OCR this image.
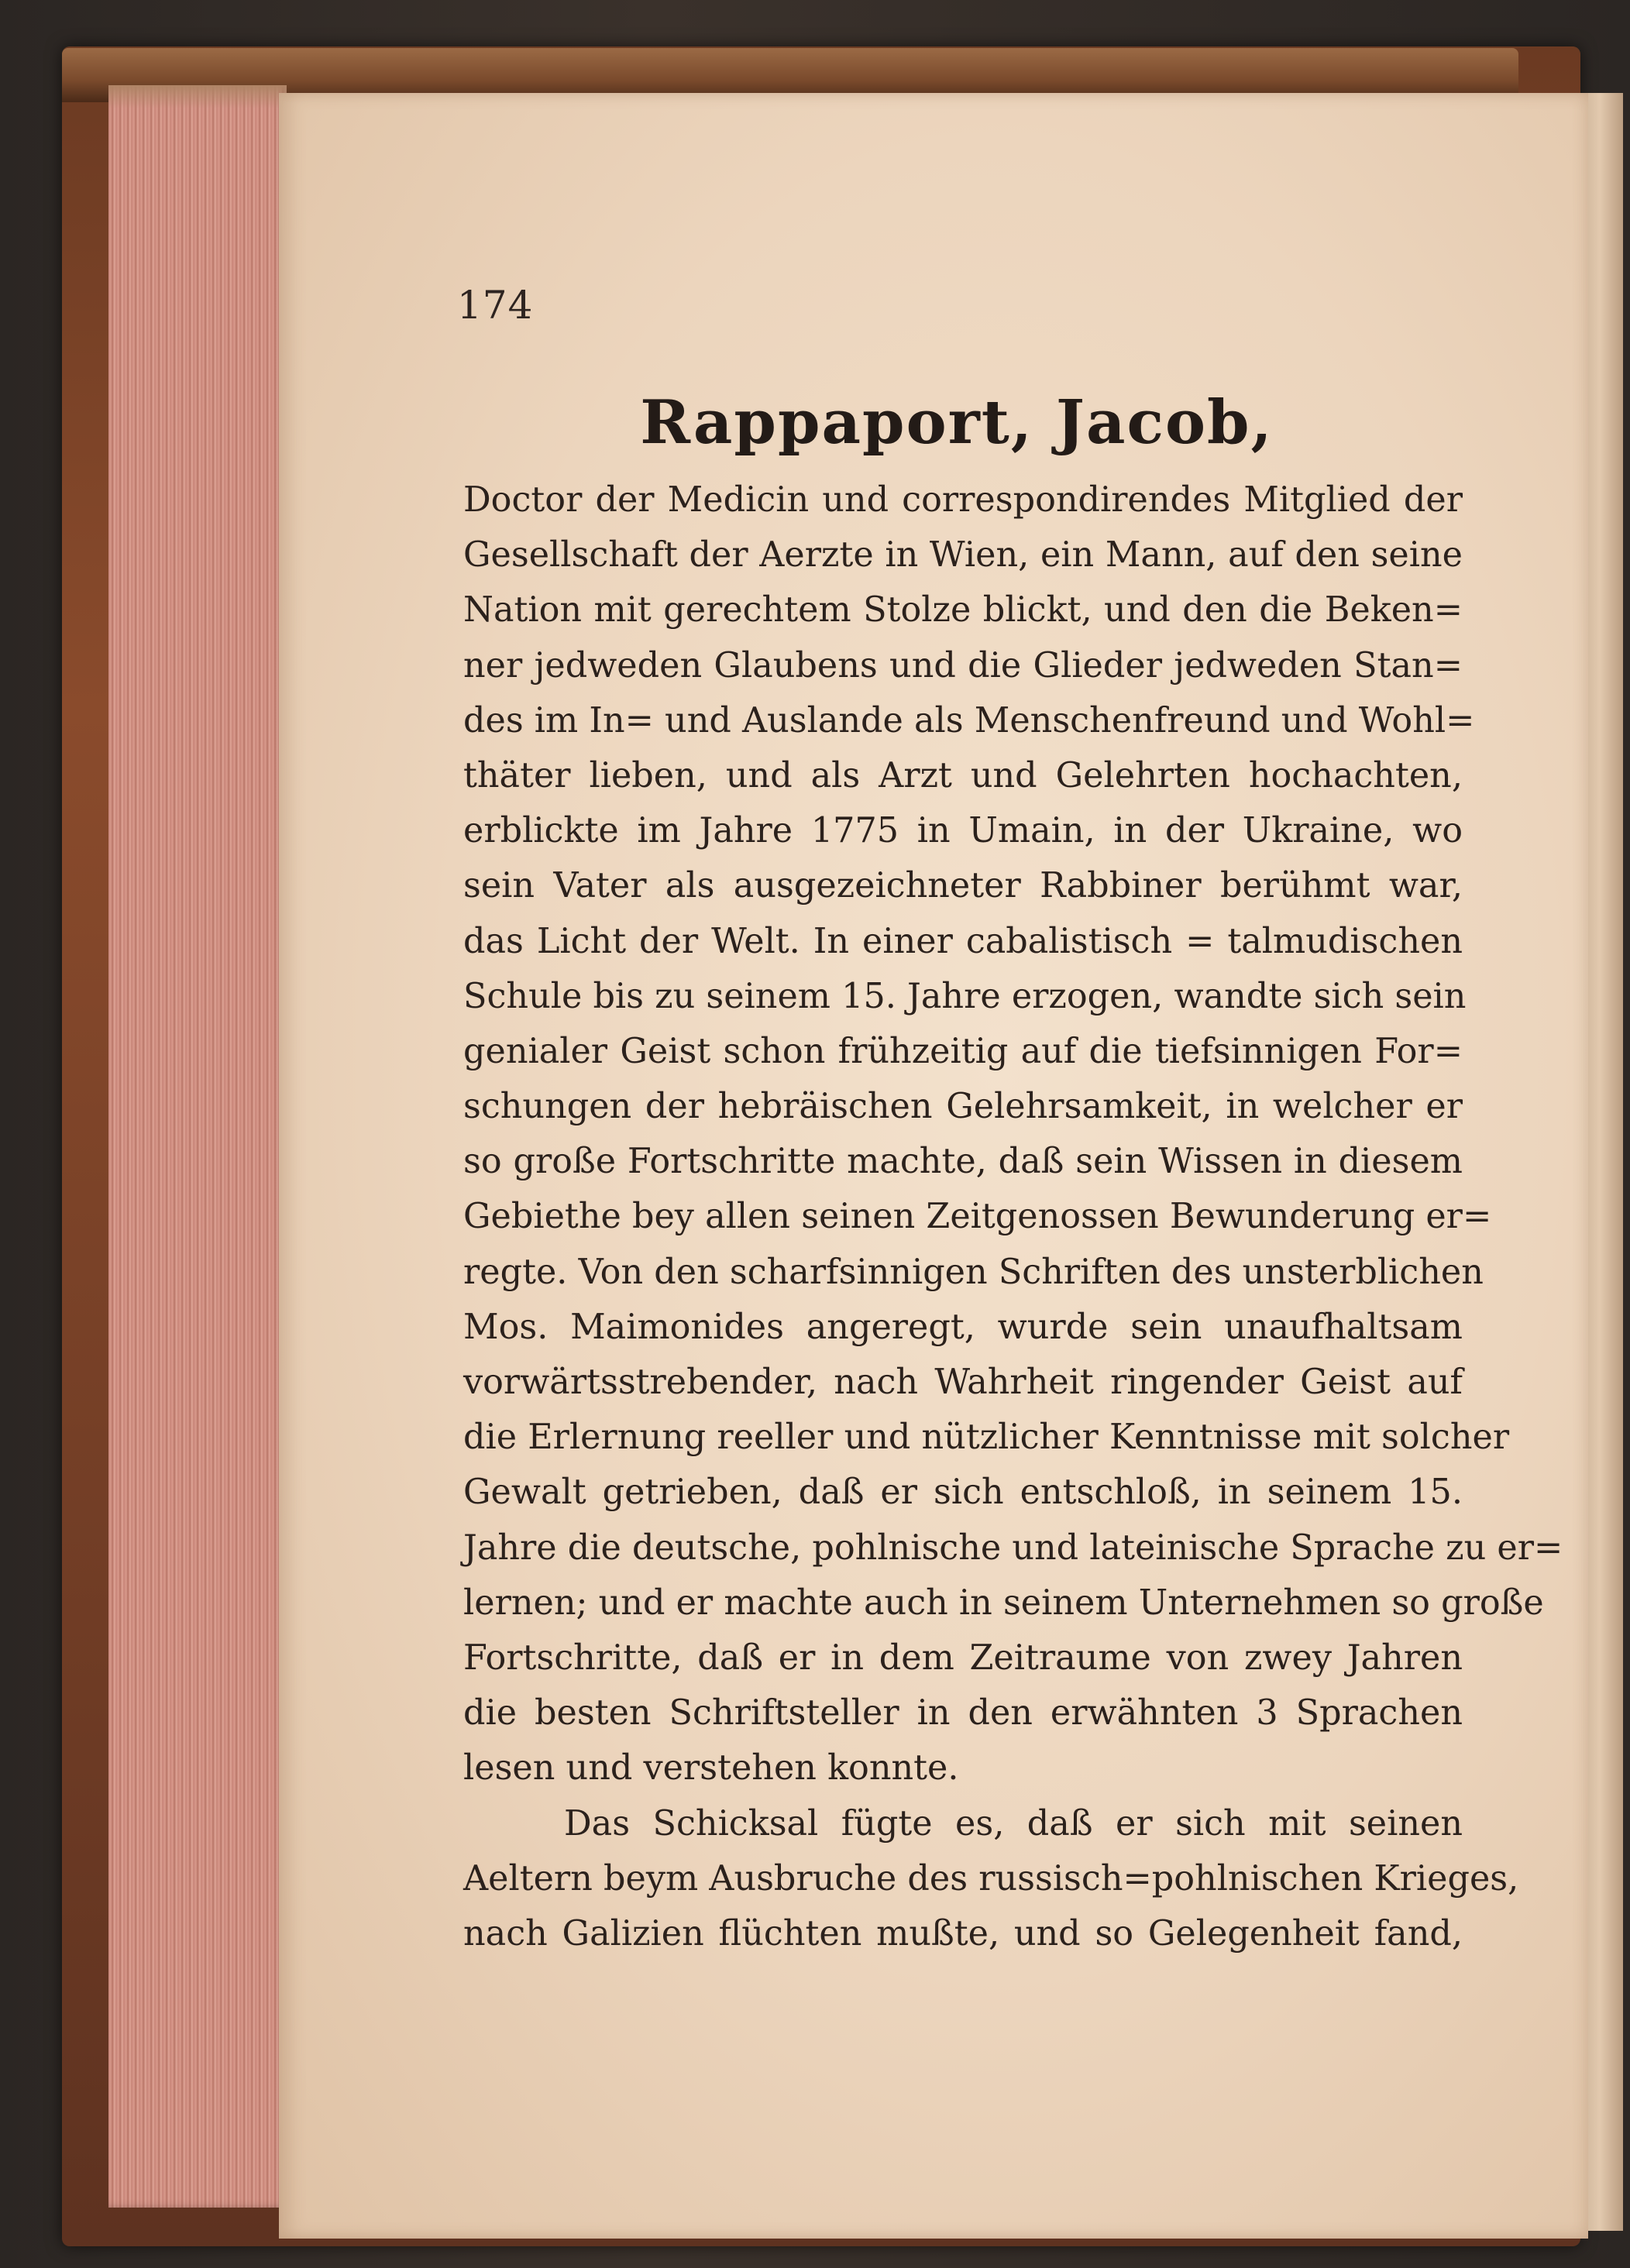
174
Rappaport, Jacob,
Doctor der Medicin und correspondirendes Mitglied der
Gesellschaft der Aerzte in Wien, ein Mann, auf den seine
Nation mit gerechtem Stolze blickt, und den die Beken=
ner jedweden Glaubens und die Glieder jedweden Stan=
des im In= und Auslande als Menschenfreund und Wohl=
thäter lieben, und als Arzt und Gelehrten hochachten,
erblickte im Jahre 1775 in Umain, in der Ukraine, wo
sein Vater als ausgezeichneter Rabbiner berühmt war,
das Licht der Welt. In einer cabalistisch = talmudischen
Schule bis zu seinem 15. Jahre erzogen, wandte sich sein
genialer Geist schon frühzeitig auf die tiefsinnigen For=
schungen der hebräischen Gelehrsamkeit, in welcher er
so große Fortschritte machte, daß sein Wissen in diesem
Gebiethe bey allen seinen Zeitgenossen Bewunderung er=
regte. Von den scharfsinnigen Schriften des unsterblichen
Mos. Maimonides angeregt, wurde sein unaufhaltsam
vorwärtsstrebender, nach Wahrheit ringender Geist auf
die Erlernung reeller und nützlicher Kenntnisse mit solcher
Gewalt getrieben, daß er sich entschloß, in seinem 15.
Jahre die deutsche, pohlnische und lateinische Sprache zu er=
lernen; und er machte auch in seinem Unternehmen so große
Fortschritte, daß er in dem Zeitraume von zwey Jahren
die besten Schriftsteller in den erwähnten 3 Sprachen
lesen und verstehen konnte.
Das Schicksal fügte es, daß er sich mit seinen
Aeltern beym Ausbruche des russisch=pohlnischen Krieges,
nach Galizien flüchten mußte, und so Gelegenheit fand,
